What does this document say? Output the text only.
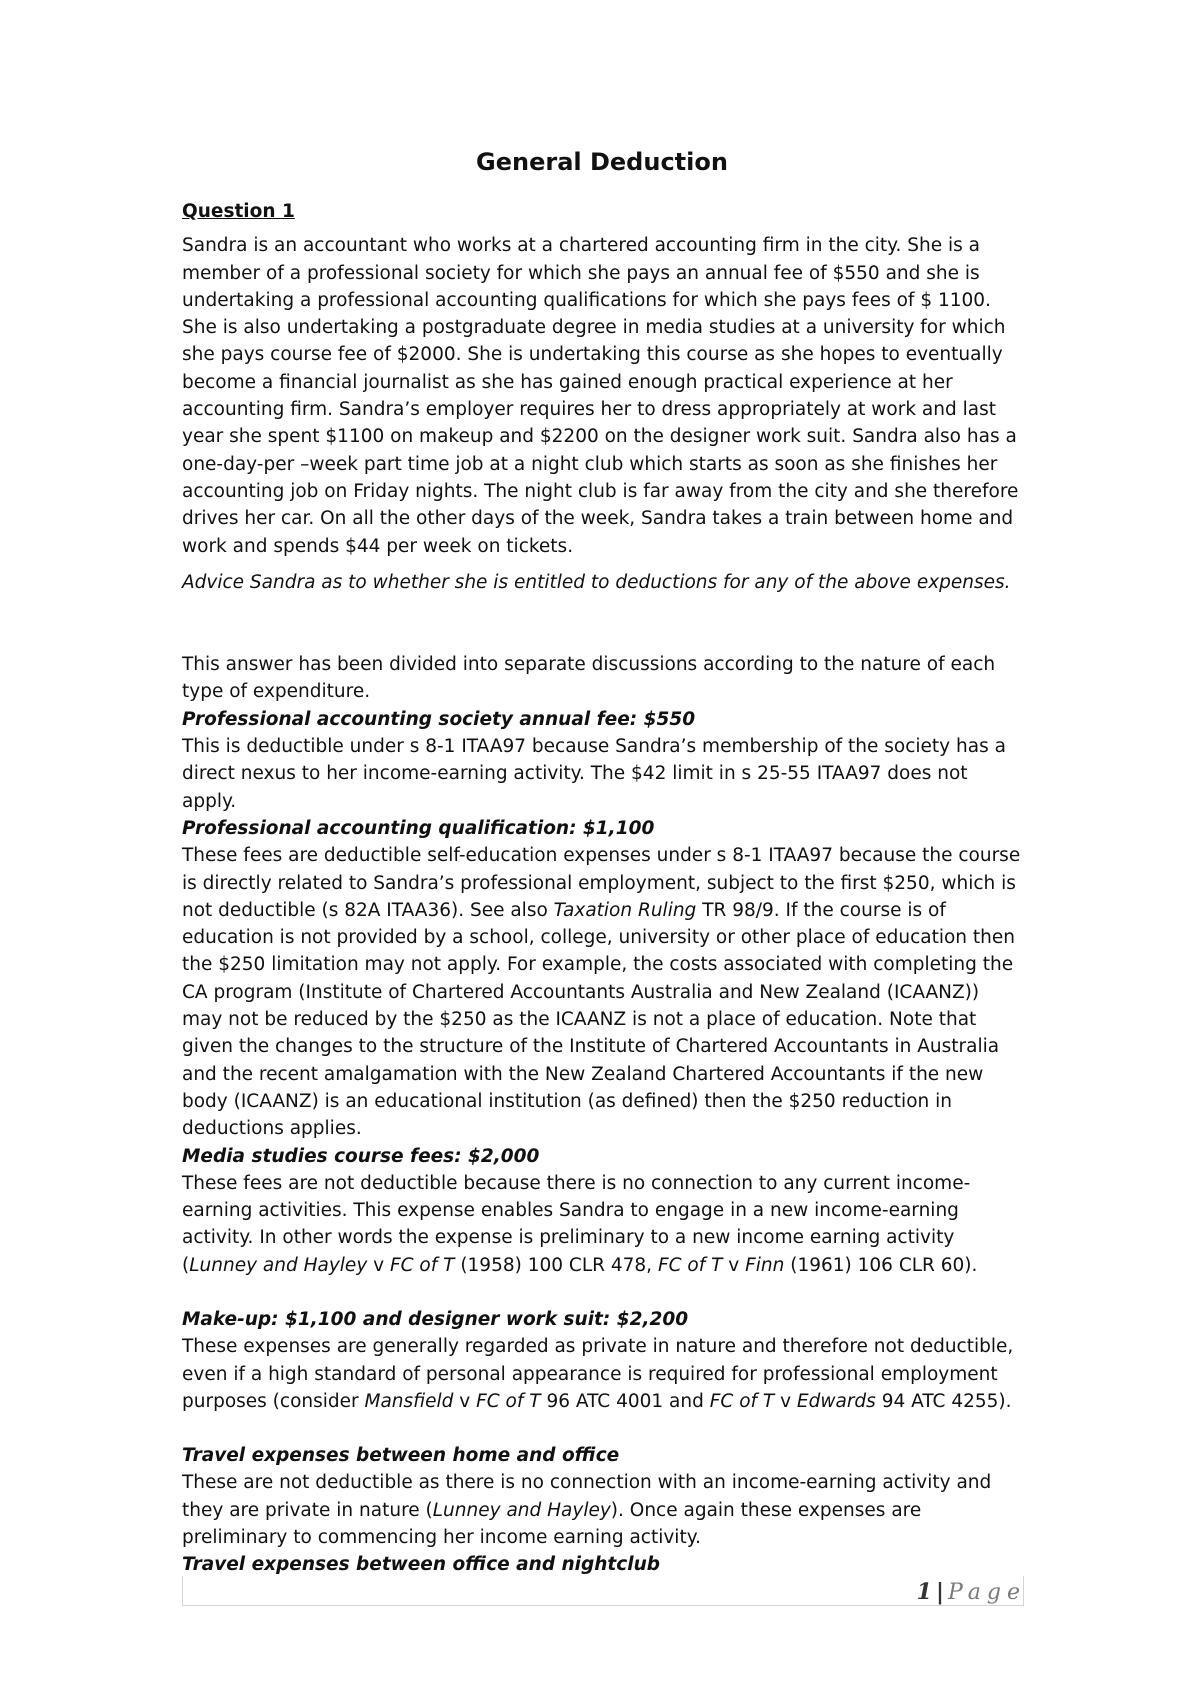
General Deduction
Question 1

Sandra is an accountant who works at a chartered accounting firm in the city. She is a member of a professional society for which she pays an annual fee of $550 and she is undertaking a professional accounting qualifications for which she pays fees of $ 1100. She is also undertaking a postgraduate degree in media studies at a university for which she pays course fee of $2000. She is undertaking this course as she hopes to eventually become a financial journalist as she has gained enough practical experience at her accounting firm. Sandra’s employer requires her to dress appropriately at work and last year she spent $1100 on makeup and $2200 on the designer work suit. Sandra also has a one-day-per –week part time job at a night club which starts as soon as she finishes her accounting job on Friday nights. The night club is far away from the city and she therefore drives her car. On all the other days of the week, Sandra takes a train between home and work and spends $44 per week on tickets.

Advice Sandra as to whether she is entitled to deductions for any of the above expenses.

This answer has been divided into separate discussions according to the nature of each type of expenditure.

Professional accounting society annual fee: $550

This is deductible under s 8-1 ITAA97 because Sandra’s membership of the society has a direct nexus to her income-earning activity. The $42 limit in s 25-55 ITAA97 does not apply.

Professional accounting qualification: $1,100

These fees are deductible self-education expenses under s 8-1 ITAA97 because the course is directly related to Sandra’s professional employment, subject to the first $250, which is not deductible (s 82A ITAA36). See also Taxation Ruling TR 98/9. If the course is of education is not provided by a school, college, university or other place of education then the $250 limitation may not apply. For example, the costs associated with completing the CA program (Institute of Chartered Accountants Australia and New Zealand (ICAANZ)) may not be reduced by the $250 as the ICAANZ is not a place of education. Note that given the changes to the structure of the Institute of Chartered Accountants in Australia and the recent amalgamation with the New Zealand Chartered Accountants if the new body (ICAANZ) is an educational institution (as defined) then the $250 reduction in deductions applies.

Media studies course fees: $2,000

These fees are not deductible because there is no connection to any current income-earning activities. This expense enables Sandra to engage in a new income-earning activity. In other words the expense is preliminary to a new income earning activity (Lunney and Hayley v FC of T (1958) 100 CLR 478, FC of T v Finn (1961) 106 CLR 60).

Make-up: $1,100 and designer work suit: $2,200

These expenses are generally regarded as private in nature and therefore not deductible, even if a high standard of personal appearance is required for professional employment purposes (consider Mansfield v FC of T 96 ATC 4001 and FC of T v Edwards 94 ATC 4255).

Travel expenses between home and office

These are not deductible as there is no connection with an income-earning activity and they are private in nature (Lunney and Hayley). Once again these expenses are preliminary to commencing her income earning activity.

Travel expenses between office and nightclub

1 | Page
